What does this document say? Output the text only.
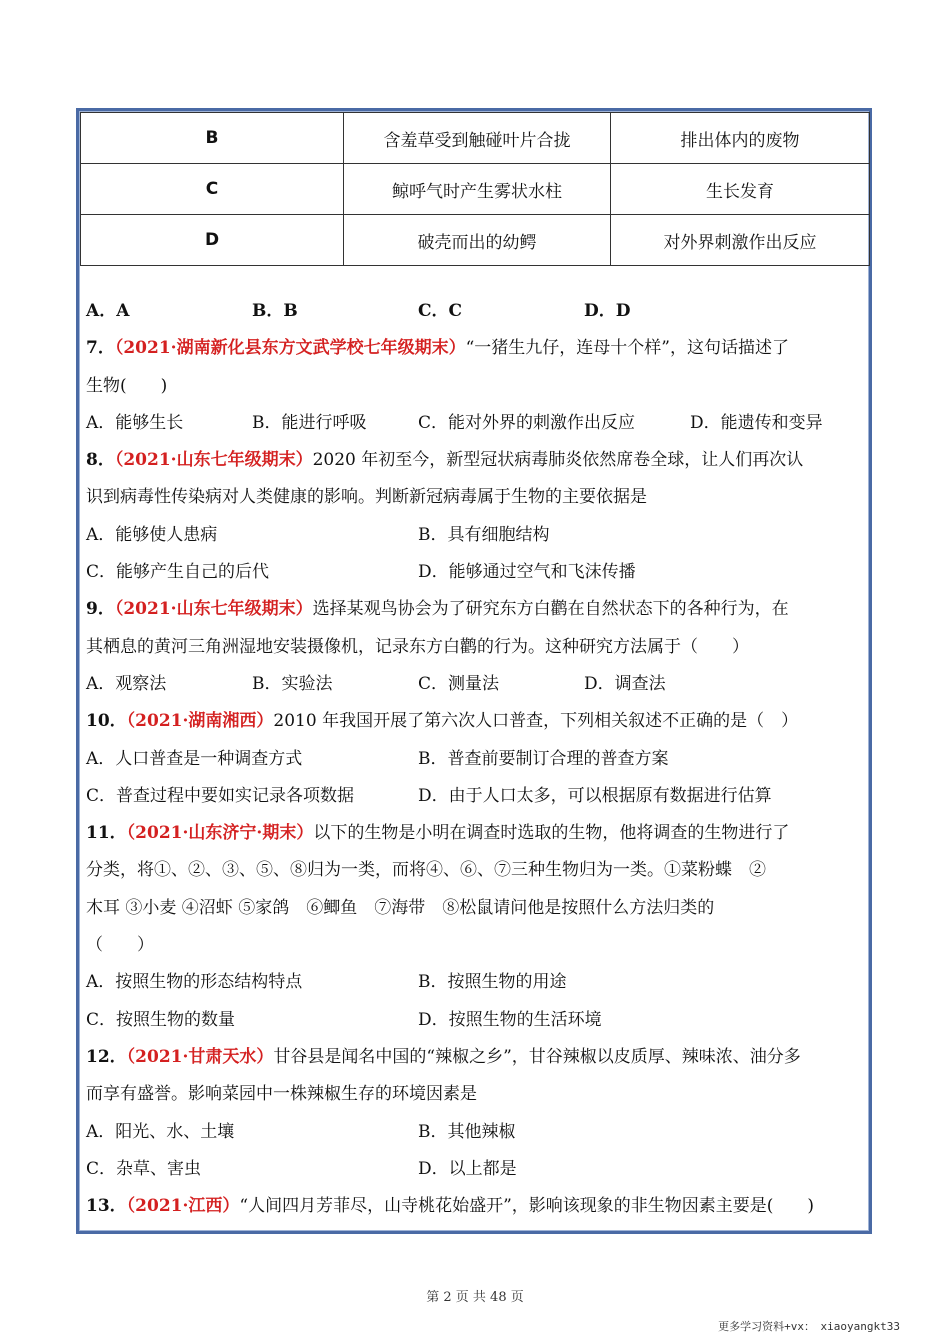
B	含羞草受到触碰叶片合拢	排出体内的废物
C	鲸呼气时产生雾状水柱	生长发育
D	破壳而出的幼鳄	对外界刺激作出反应
A．A	B．B	C．C	D．D
7．（2021·湖南新化县东方文武学校七年级期末）“一猪生九仔，连母十个样”，这句话描述了
生物(　　)
A．能够生长	B．能进行呼吸	C．能对外界的刺激作出反应	D．能遗传和变异
8．（2021·山东七年级期末）2020 年初至今，新型冠状病毒肺炎依然席卷全球，让人们再次认
识到病毒性传染病对人类健康的影响。判断新冠病毒属于生物的主要依据是
A．能够使人患病	B．具有细胞结构
C．能够产生自己的后代	D．能够通过空气和飞沫传播
9．（2021·山东七年级期末）选择某观鸟协会为了研究东方白鹳在自然状态下的各种行为，在
其栖息的黄河三角洲湿地安装摄像机，记录东方白鹳的行为。这种研究方法属于（　　）
A．观察法	B．实验法	C．测量法	D．调查法
10．（2021·湖南湘西）2010 年我国开展了第六次人口普查，下列相关叙述不正确的是（　）
A．人口普查是一种调查方式	B．普查前要制订合理的普查方案
C．普查过程中要如实记录各项数据	D．由于人口太多，可以根据原有数据进行估算
11．（2021·山东济宁·期末）以下的生物是小明在调查时选取的生物，他将调查的生物进行了
分类，将①、②、③、⑤、⑧归为一类，而将④、⑥、⑦三种生物归为一类。①菜粉蝶　②
木耳 ③小麦 ④沼虾 ⑤家鸽　⑥鲫鱼　⑦海带　⑧松鼠请问他是按照什么方法归类的
（　　）
A．按照生物的形态结构特点	B．按照生物的用途
C．按照生物的数量	D．按照生物的生活环境
12．（2021·甘肃天水）甘谷县是闻名中国的“辣椒之乡”，甘谷辣椒以皮质厚、辣味浓、油分多
而享有盛誉。影响菜园中一株辣椒生存的环境因素是
A．阳光、水、土壤	B．其他辣椒
C．杂草、害虫	D．以上都是
13．（2021·江西）“人间四月芳菲尽，山寺桃花始盛开”，影响该现象的非生物因素主要是(　　)
第 2 页 共 48 页
更多学习资料+vx：　xiaoyangkt33
